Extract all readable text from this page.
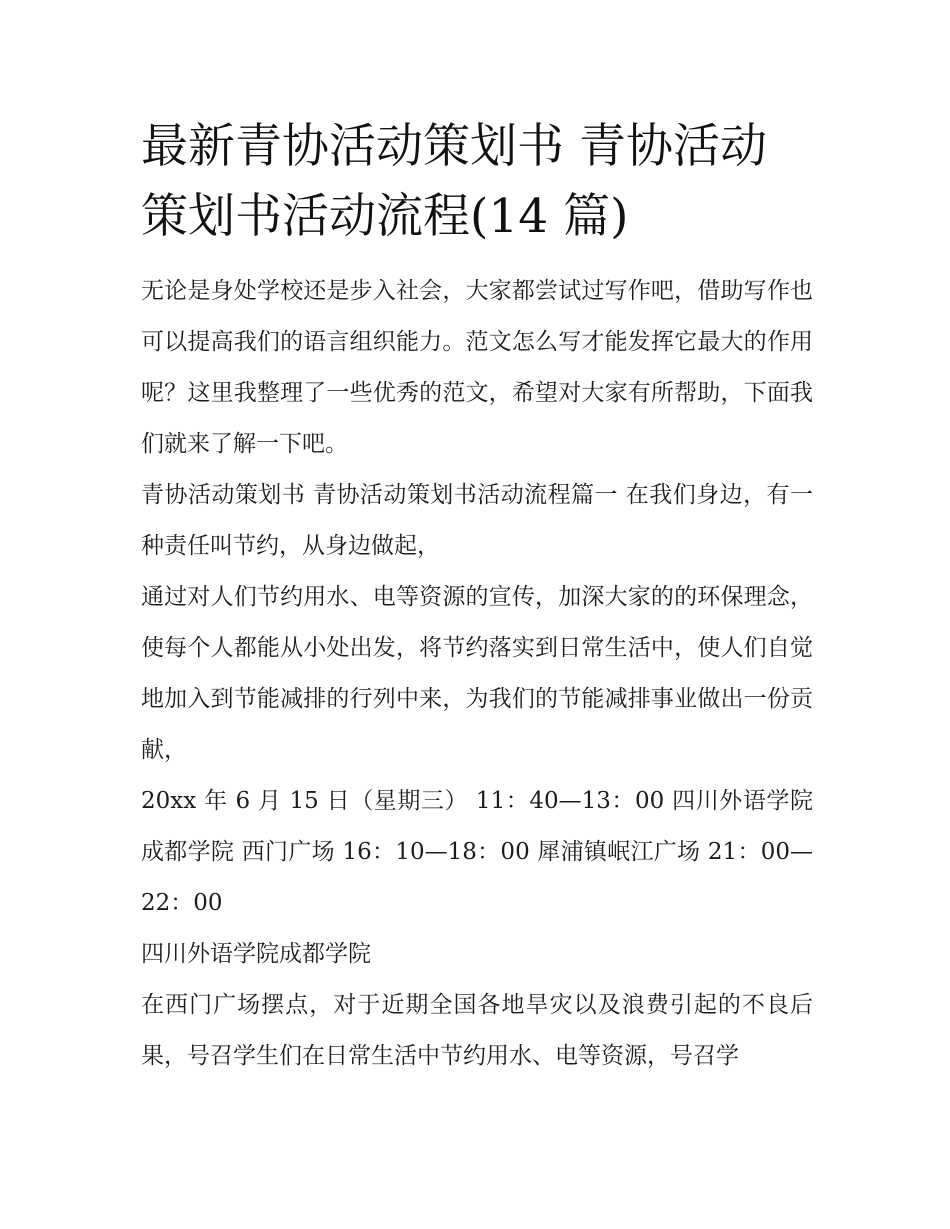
最新青协活动策划书 青协活动策划书活动流程(14 篇)

无论是身处学校还是步入社会，大家都尝试过写作吧，借助写作也可以提高我们的语言组织能力。范文怎么写才能发挥它最大的作用呢？这里我整理了一些优秀的范文，希望对大家有所帮助，下面我们就来了解一下吧。

青协活动策划书 青协活动策划书活动流程篇一 在我们身边，有一种责任叫节约，从身边做起，

通过对人们节约用水、电等资源的宣传，加深大家的的环保理念，使每个人都能从小处出发，将节约落实到日常生活中，使人们自觉地加入到节能减排的行列中来，为我们的节能减排事业做出一份贡献，

20xx 年 6 月 15 日（星期三） 11：40—13：00 四川外语学院成都学院 西门广场 16：10—18：00 犀浦镇岷江广场 21：00—22：00

四川外语学院成都学院

在西门广场摆点，对于近期全国各地旱灾以及浪费引起的不良后果，号召学生们在日常生活中节约用水、电等资源，号召学
